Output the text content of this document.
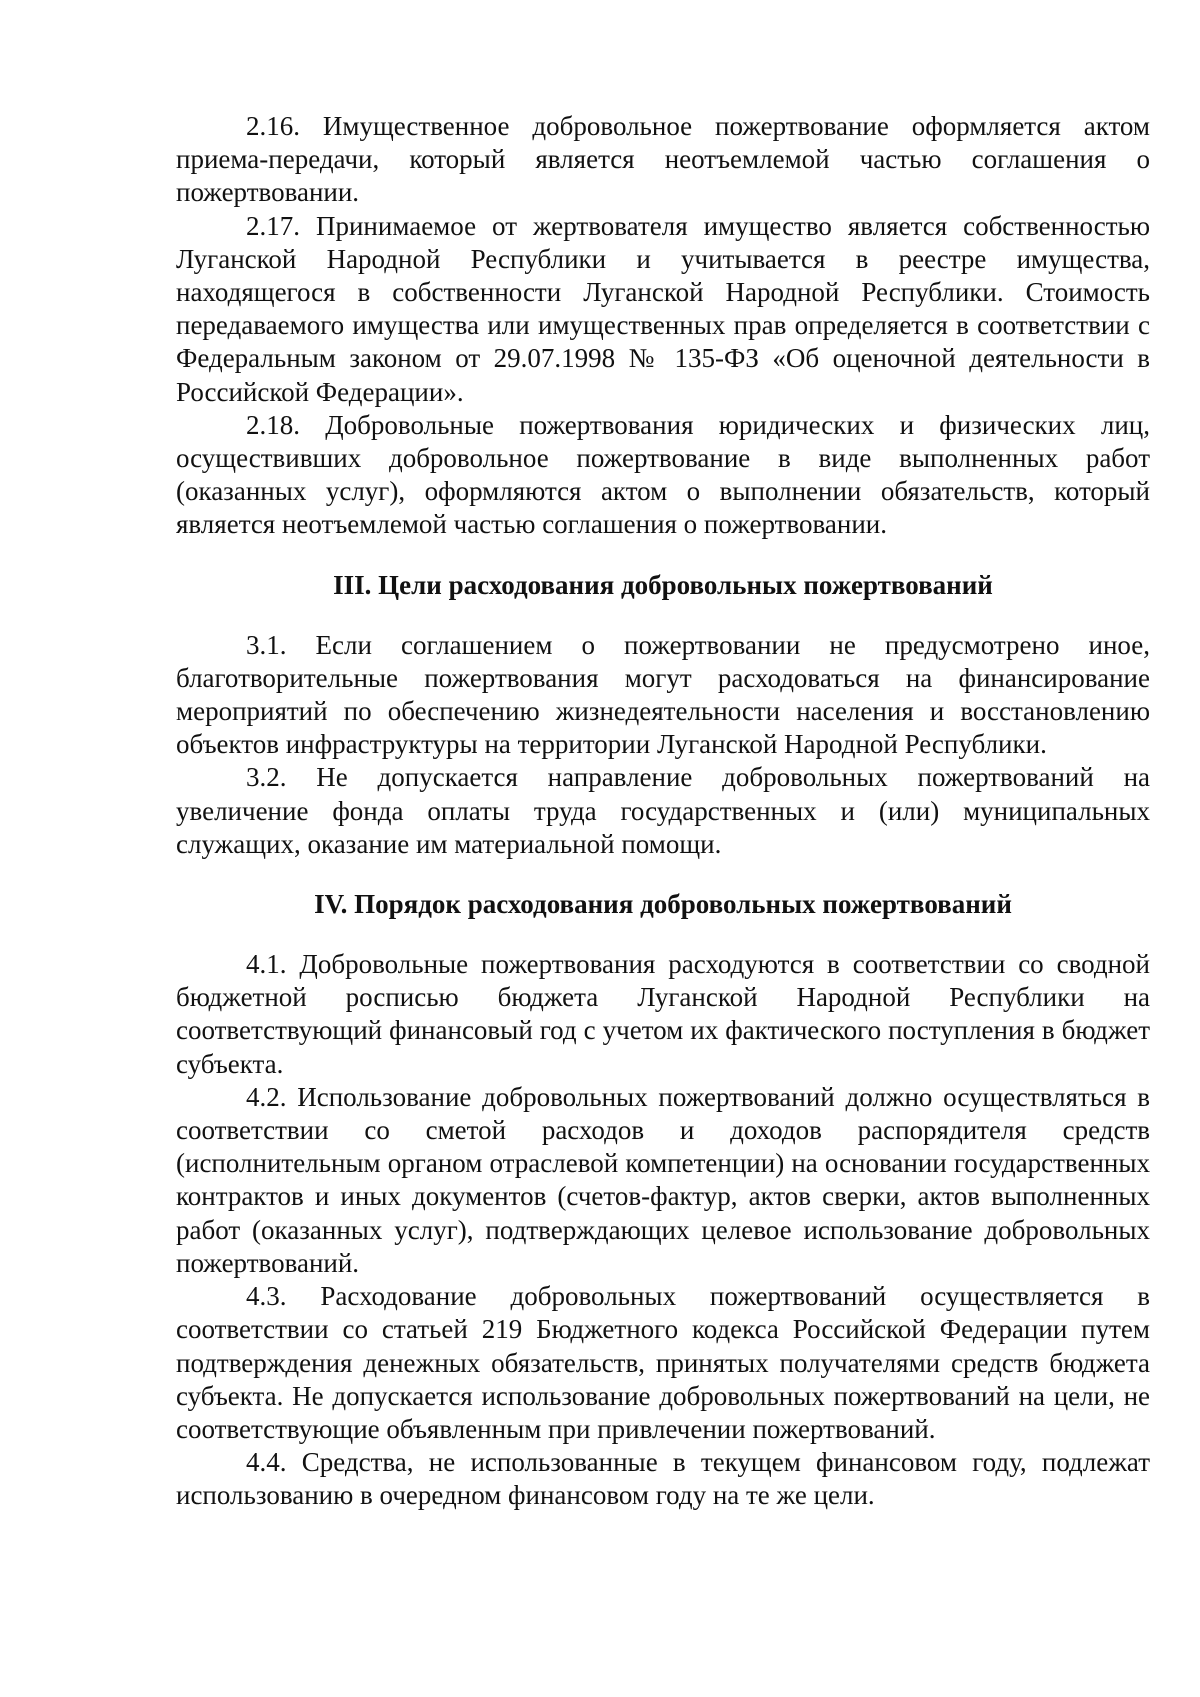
2.16. Имущественное добровольное пожертвование оформляется актом приема-передачи, который является неотъемлемой частью соглашения о пожертвовании.

2.17. Принимаемое от жертвователя имущество является собственностью Луганской Народной Республики и учитывается в реестре имущества, находящегося в собственности Луганской Народной Республики. Стоимость передаваемого имущества или имущественных прав определяется в соответствии с Федеральным законом от 29.07.1998 № 135-ФЗ «Об оценочной деятельности в Российской Федерации».

2.18. Добровольные пожертвования юридических и физических лиц, осуществивших добровольное пожертвование в виде выполненных работ (оказанных услуг), оформляются актом о выполнении обязательств, который является неотъемлемой частью соглашения о пожертвовании.

III. Цели расходования добровольных пожертвований

3.1. Если соглашением о пожертвовании не предусмотрено иное, благотворительные пожертвования могут расходоваться на финансирование мероприятий по обеспечению жизнедеятельности населения и восстановлению объектов инфраструктуры на территории Луганской Народной Республики.

3.2. Не допускается направление добровольных пожертвований на увеличение фонда оплаты труда государственных и (или) муниципальных служащих, оказание им материальной помощи.

IV. Порядок расходования добровольных пожертвований

4.1. Добровольные пожертвования расходуются в соответствии со сводной бюджетной росписью бюджета Луганской Народной Республики на соответствующий финансовый год с учетом их фактического поступления в бюджет субъекта.

4.2. Использование добровольных пожертвований должно осуществляться в соответствии со сметой расходов и доходов распорядителя средств (исполнительным органом отраслевой компетенции) на основании государственных контрактов и иных документов (счетов-фактур, актов сверки, актов выполненных работ (оказанных услуг), подтверждающих целевое использование добровольных пожертвований.

4.3. Расходование добровольных пожертвований осуществляется в соответствии со статьей 219 Бюджетного кодекса Российской Федерации путем подтверждения денежных обязательств, принятых получателями средств бюджета субъекта. Не допускается использование добровольных пожертвований на цели, не соответствующие объявленным при привлечении пожертвований.

4.4. Средства, не использованные в текущем финансовом году, подлежат использованию в очередном финансовом году на те же цели.
